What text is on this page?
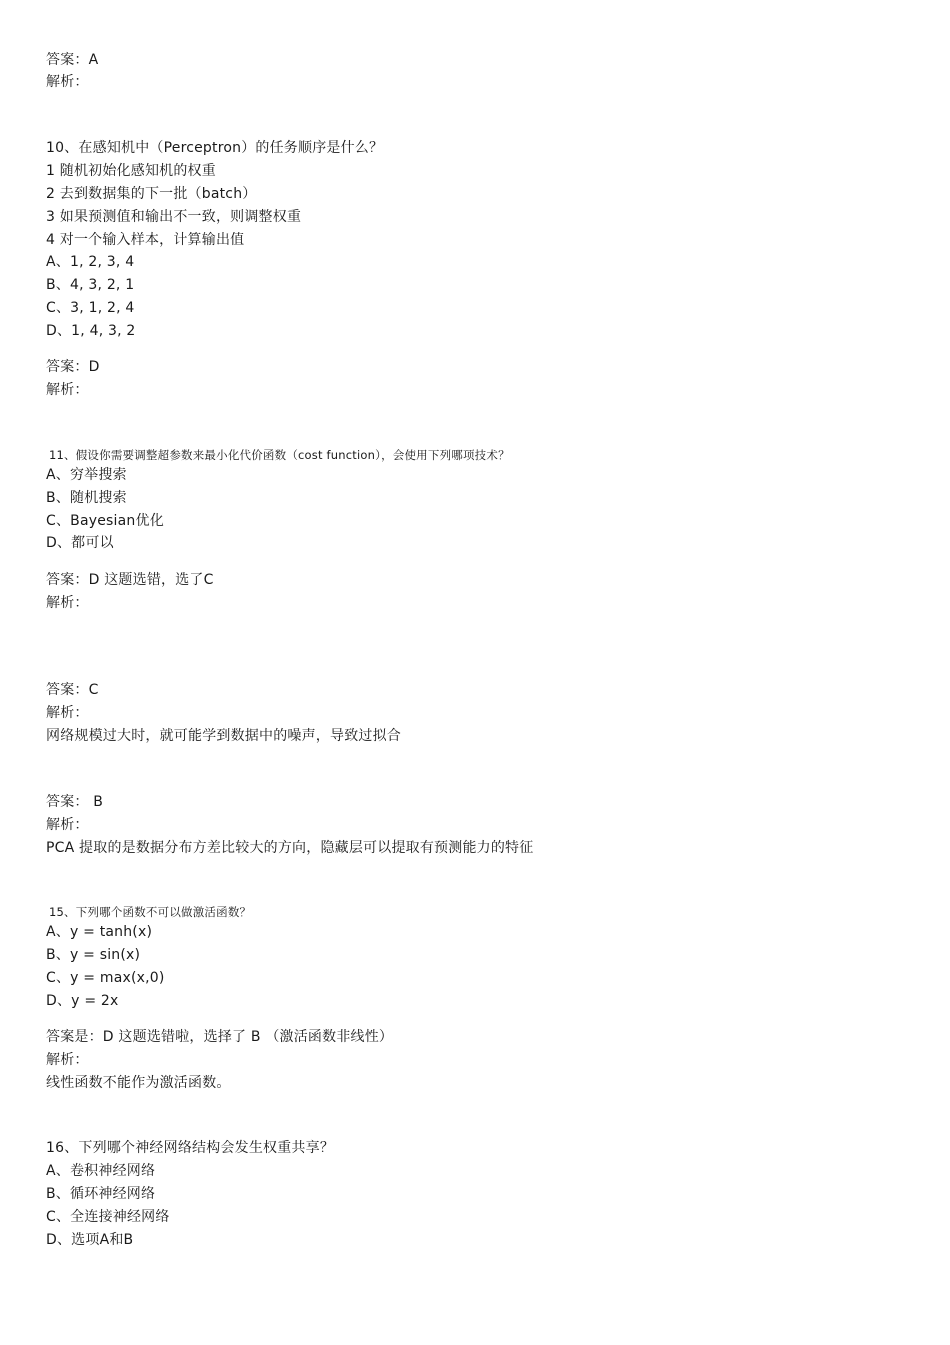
答案：A
解析：
10、在感知机中（Perceptron）的任务顺序是什么？
1 随机初始化感知机的权重
2 去到数据集的下一批（batch）
3 如果预测值和输出不一致，则调整权重
4 对一个输入样本，计算输出值
A、1, 2, 3, 4
B、4, 3, 2, 1
C、3, 1, 2, 4
D、1, 4, 3, 2
答案：D
解析：
11、假设你需要调整超参数来最小化代价函数（cost function），会使用下列哪项技术？
A、穷举搜索
B、随机搜索
C、Bayesian优化
D、都可以
答案：D 这题选错，选了C
解析：
答案：C
解析：
网络规模过大时，就可能学到数据中的噪声，导致过拟合
答案： B
解析：
PCA 提取的是数据分布方差比较大的方向，隐藏层可以提取有预测能力的特征
15、下列哪个函数不可以做激活函数？
A、y = tanh(x)
B、y = sin(x)
C、y = max(x,0)
D、y = 2x
答案是：D 这题选错啦，选择了 B （激活函数非线性）
解析：
线性函数不能作为激活函数。
16、下列哪个神经网络结构会发生权重共享？
A、卷积神经网络
B、循环神经网络
C、全连接神经网络
D、选项A和B
